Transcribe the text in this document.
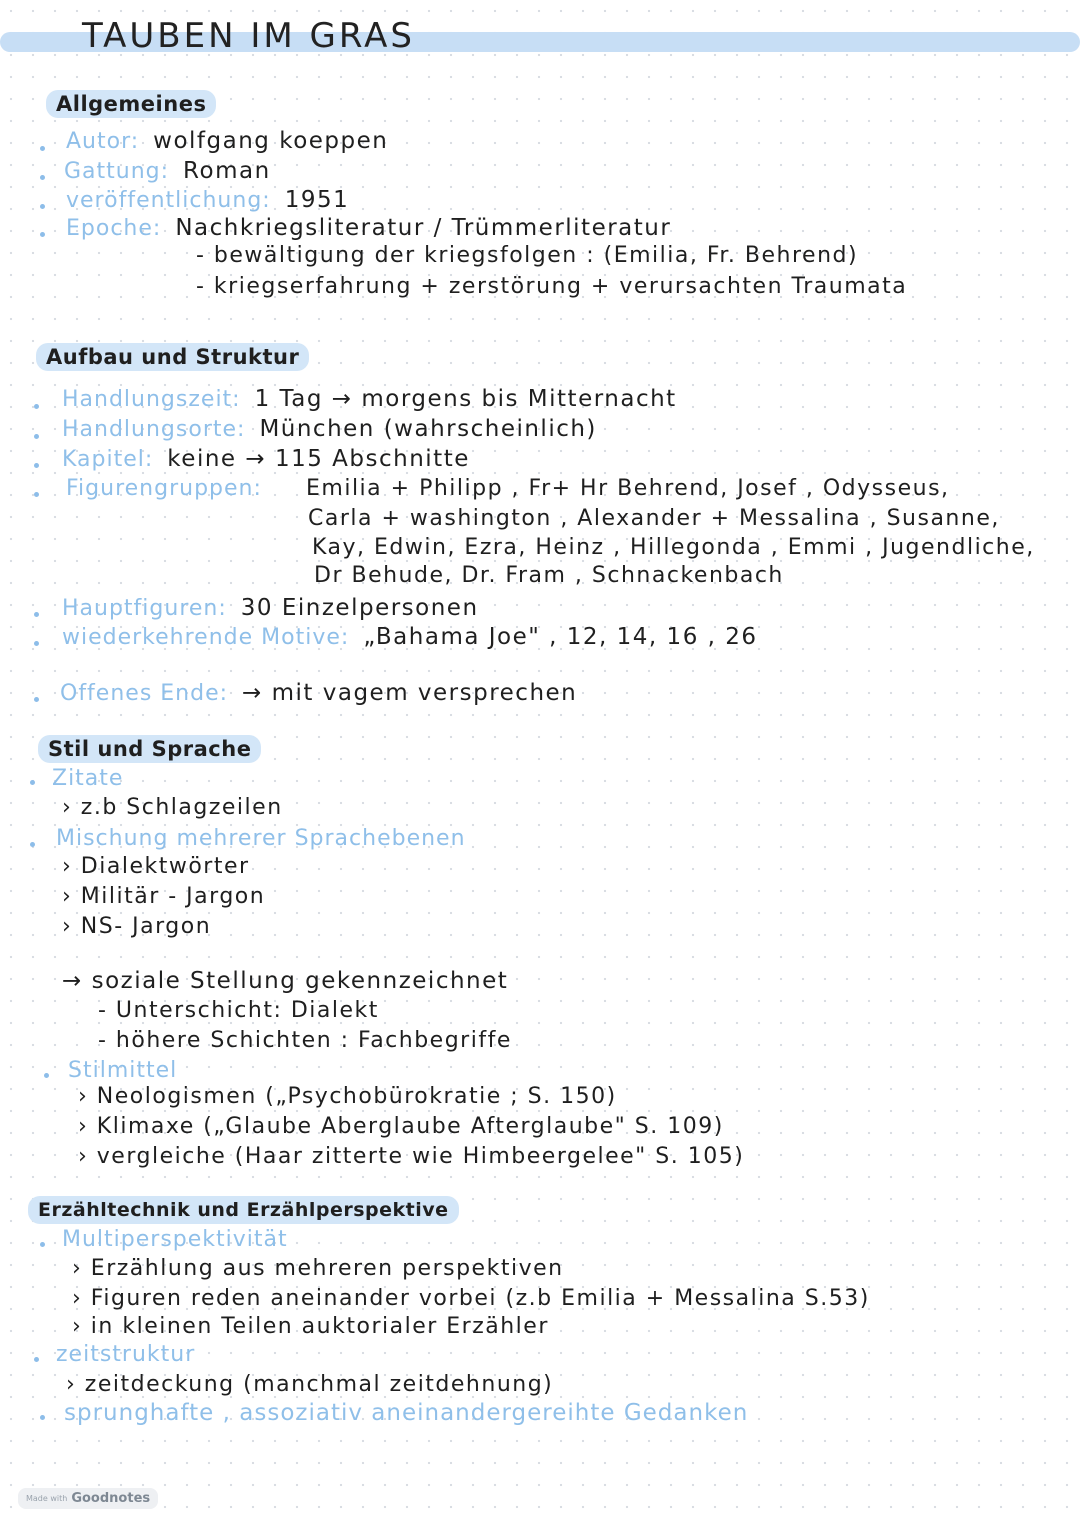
TAUBEN IM GRAS
Allgemeines
Autor: wolfgang koeppen
Gattung: Roman
veröffentlichung: 1951
Epoche: Nachkriegsliteratur / Trümmerliteratur
- bewältigung der kriegsfolgen : (Emilia, Fr. Behrend)
- kriegserfahrung + zerstörung + verursachten Traumata
Aufbau und Struktur
Handlungszeit: 1 Tag → morgens bis Mitternacht
Handlungsorte: München (wahrscheinlich)
Kapitel: keine → 115 Abschnitte
Figurengruppen: Emilia + Philipp , Fr+ Hr Behrend, Josef , Odysseus,
Carla + washington , Alexander + Messalina , Susanne,
Kay, Edwin, Ezra, Heinz , Hillegonda , Emmi , Jugendliche,
Dr Behude, Dr. Fram , Schnackenbach
Hauptfiguren: 30 Einzelpersonen
wiederkehrende Motive: „Bahama Joe" , 12, 14, 16 , 26
Offenes Ende: → mit vagem versprechen
Stil und Sprache
Zitate
› z.b Schlagzeilen
Mischung mehrerer Sprachebenen
› Dialektwörter
› Militär - Jargon
› NS- Jargon
→ soziale Stellung gekennzeichnet
- Unterschicht: Dialekt
- höhere Schichten : Fachbegriffe
Stilmittel
› Neologismen („Psychobürokratie ; S. 150)
› Klimaxe („Glaube Aberglaube Afterglaube" S. 109)
› vergleiche (Haar zitterte wie Himbeergelee" S. 105)
Erzähltechnik und Erzählperspektive
Multiperspektivität
› Erzählung aus mehreren perspektiven
› Figuren reden aneinander vorbei (z.b Emilia + Messalina S.53)
› in kleinen Teilen auktorialer Erzähler
zeitstruktur
› zeitdeckung (manchmal zeitdehnung)
sprunghafte , assoziativ aneinandergereihte Gedanken
Made with Goodnotes
